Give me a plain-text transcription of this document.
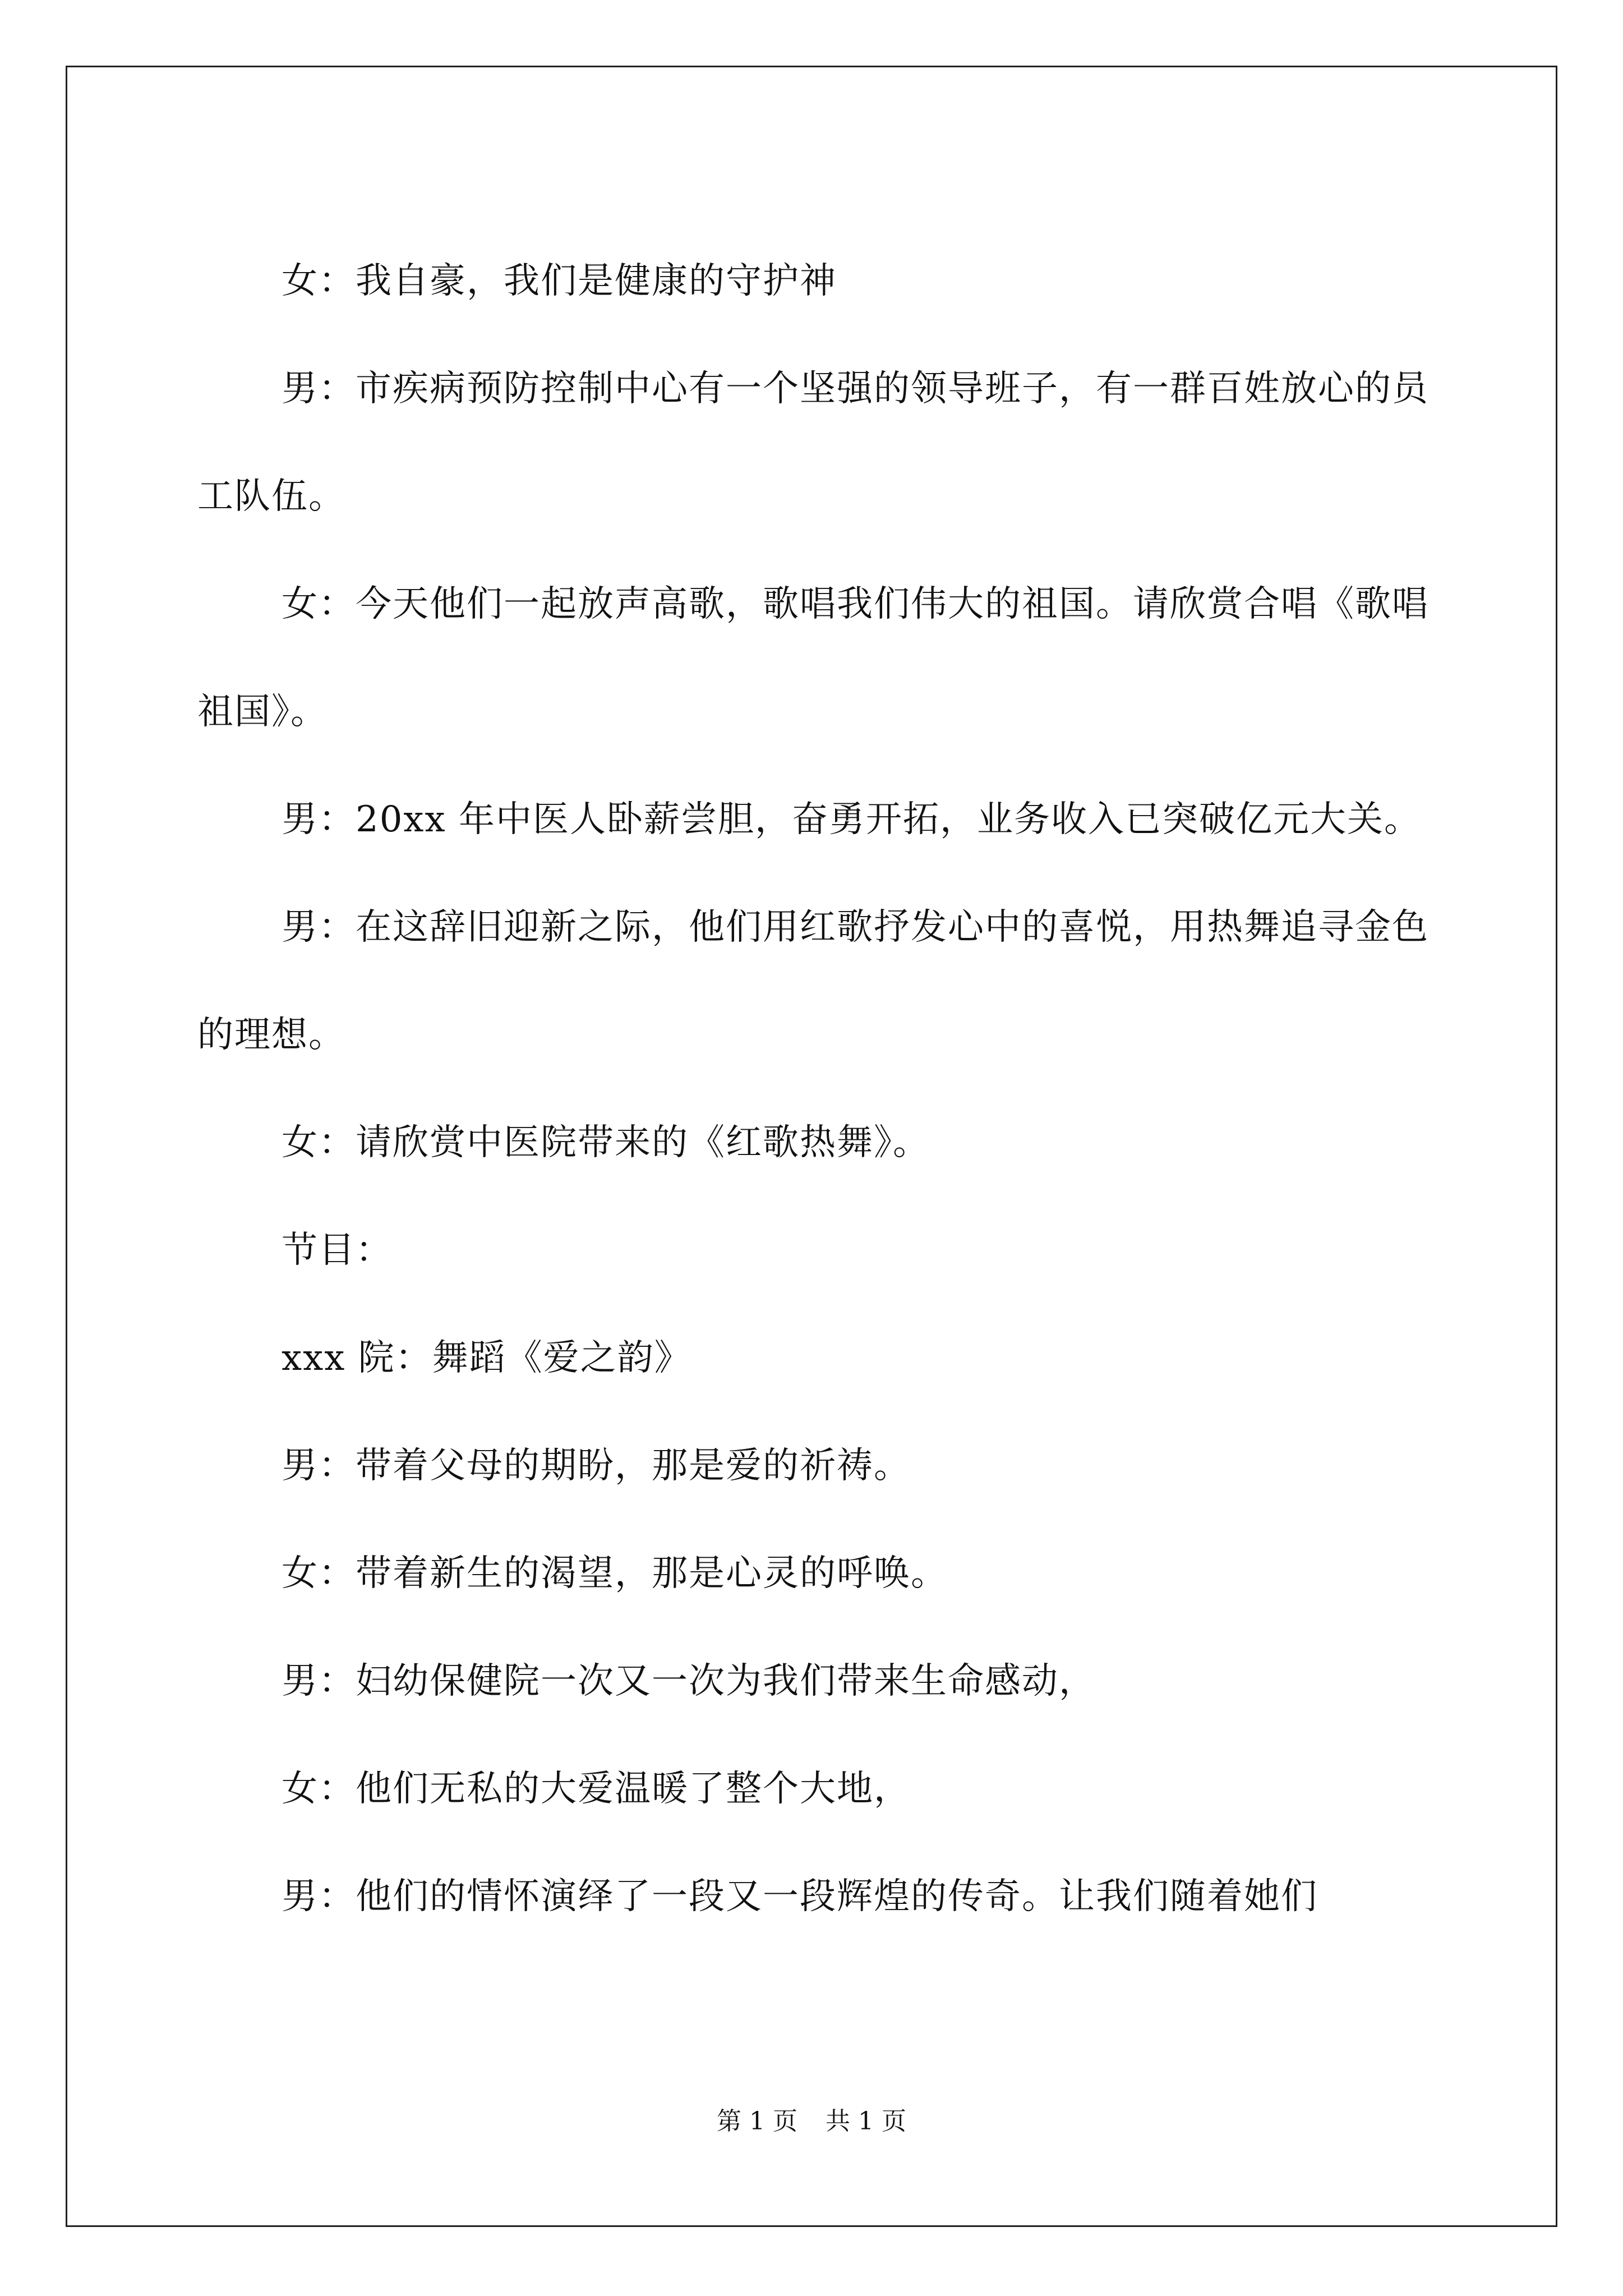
女：我自豪，我们是健康的守护神

男：市疾病预防控制中心有一个坚强的领导班子，有一群百姓放心的员工队伍。

女：今天他们一起放声高歌，歌唱我们伟大的祖国。请欣赏合唱《歌唱祖国》。

男：20xx 年中医人卧薪尝胆，奋勇开拓，业务收入已突破亿元大关。

男：在这辞旧迎新之际，他们用红歌抒发心中的喜悦，用热舞追寻金色的理想。

女：请欣赏中医院带来的《红歌热舞》。

节目：

xxx 院：舞蹈《爱之韵》

男：带着父母的期盼，那是爱的祈祷。

女：带着新生的渴望，那是心灵的呼唤。

男：妇幼保健院一次又一次为我们带来生命感动，

女：他们无私的大爱温暖了整个大地，

男：他们的情怀演绎了一段又一段辉煌的传奇。让我们随着她们

第 1 页 共 1 页
